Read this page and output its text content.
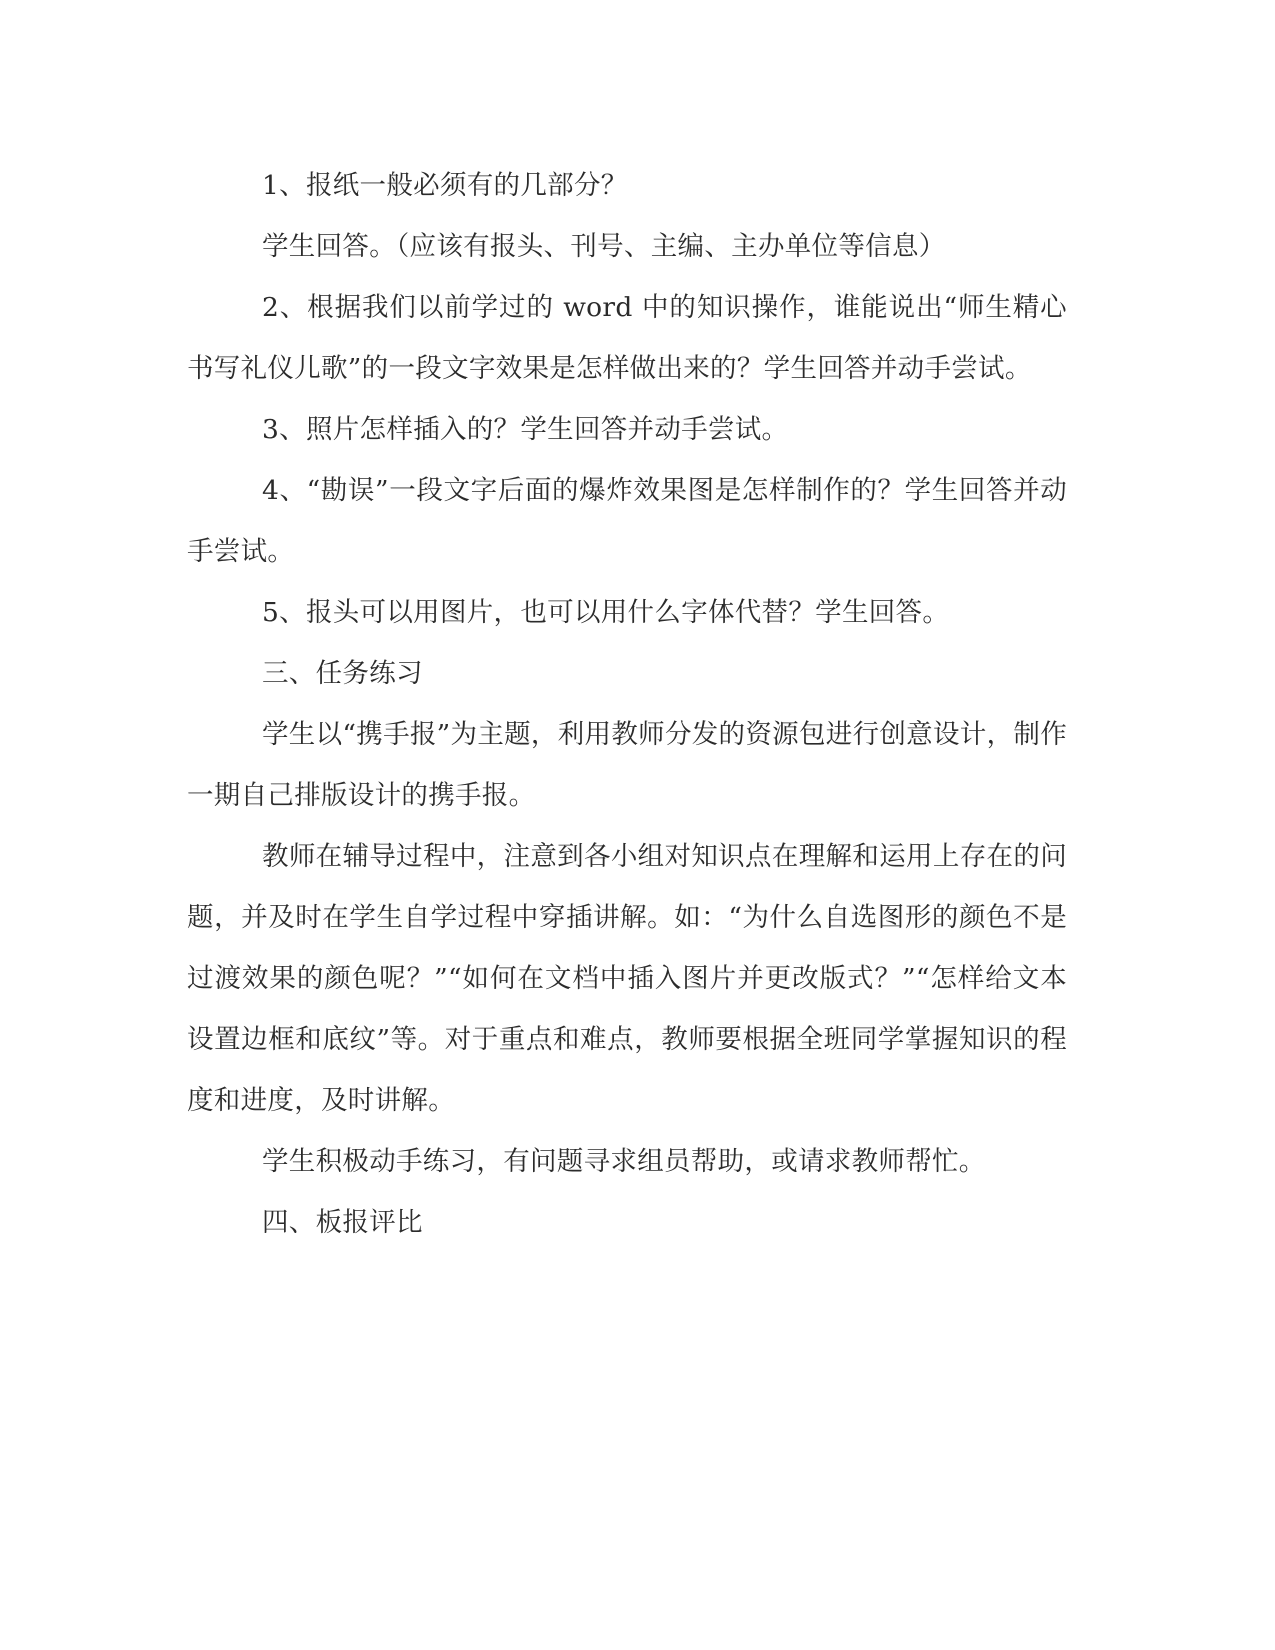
1、报纸一般必须有的几部分？

学生回答。（应该有报头、刊号、主编、主办单位等信息）

2、根据我们以前学过的 word 中的知识操作，谁能说出“师生精心书写礼仪儿歌”的一段文字效果是怎样做出来的？学生回答并动手尝试。

3、照片怎样插入的？学生回答并动手尝试。

4、“勘误”一段文字后面的爆炸效果图是怎样制作的？学生回答并动手尝试。

5、报头可以用图片，也可以用什么字体代替？学生回答。

三、任务练习

学生以“携手报”为主题，利用教师分发的资源包进行创意设计，制作一期自己排版设计的携手报。

教师在辅导过程中，注意到各小组对知识点在理解和运用上存在的问题，并及时在学生自学过程中穿插讲解。如：“为什么自选图形的颜色不是过渡效果的颜色呢？”“如何在文档中插入图片并更改版式？”“怎样给文本设置边框和底纹”等。对于重点和难点，教师要根据全班同学掌握知识的程度和进度，及时讲解。

学生积极动手练习，有问题寻求组员帮助，或请求教师帮忙。

四、板报评比
